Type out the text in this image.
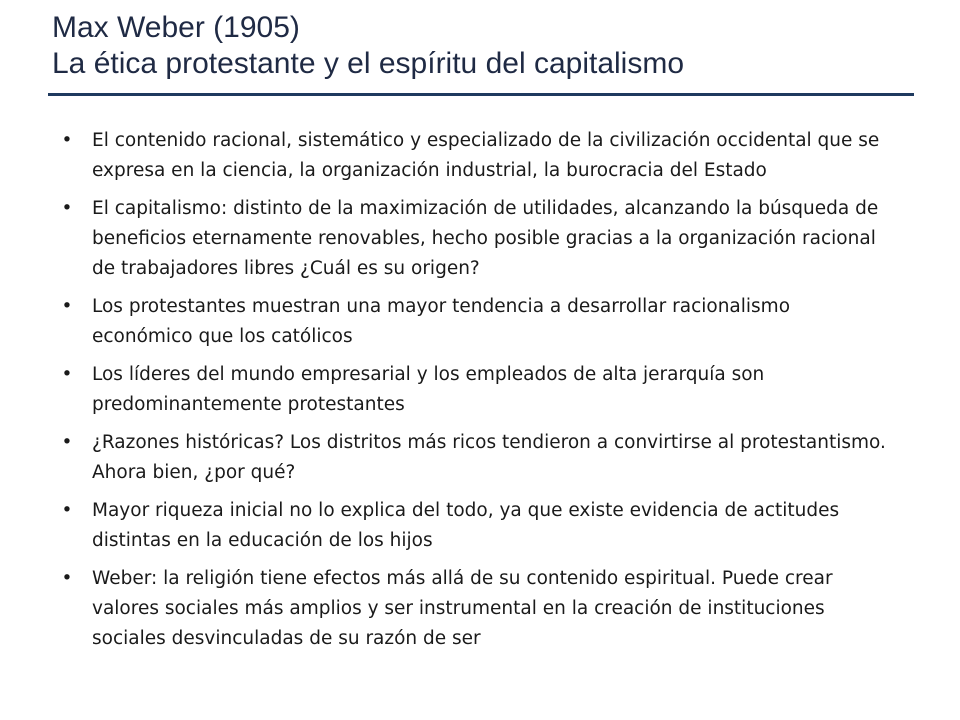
Max Weber (1905)
La ética protestante y el espíritu del capitalismo
• El contenido racional, sistemático y especializado de la civilización occidental que se expresa en la ciencia, la organización industrial, la burocracia del Estado
• El capitalismo: distinto de la maximización de utilidades, alcanzando la búsqueda de beneficios eternamente renovables, hecho posible gracias a la organización racional de trabajadores libres ¿Cuál es su origen?
• Los protestantes muestran una mayor tendencia a desarrollar racionalismo económico que los católicos
• Los líderes del mundo empresarial y los empleados de alta jerarquía son predominantemente protestantes
• ¿Razones históricas? Los distritos más ricos tendieron a convirtirse al protestantismo. Ahora bien, ¿por qué?
• Mayor riqueza inicial no lo explica del todo, ya que existe evidencia de actitudes distintas en la educación de los hijos
• Weber: la religión tiene efectos más allá de su contenido espiritual. Puede crear valores sociales más amplios y ser instrumental en la creación de instituciones sociales desvinculadas de su razón de ser
